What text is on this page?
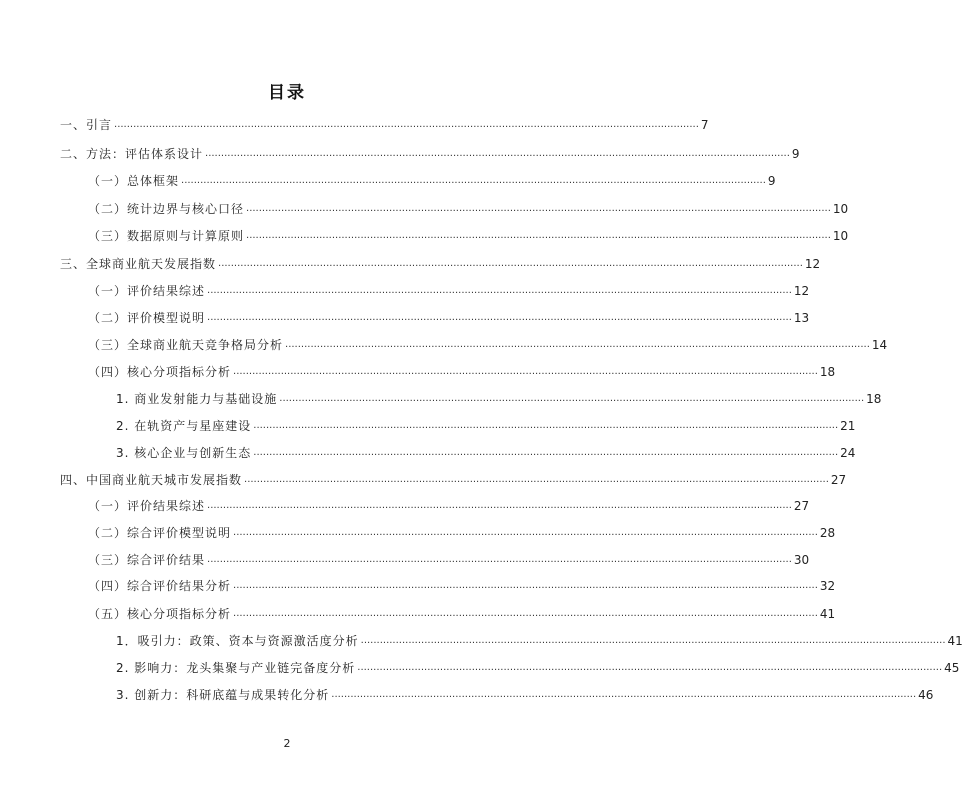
目录
一、引言 ........................................................................................................................................................................................ 7
二、方法：评估体系设计 ........................................................................................................................................................................................ 9
（一）总体框架 ........................................................................................................................................................................................ 9
（二）统计边界与核心口径 ........................................................................................................................................................................................ 10
（三）数据原则与计算原则 ........................................................................................................................................................................................ 10
三、全球商业航天发展指数 ........................................................................................................................................................................................ 12
（一）评价结果综述 ........................................................................................................................................................................................ 12
（二）评价模型说明 ........................................................................................................................................................................................ 13
（三）全球商业航天竞争格局分析 ........................................................................................................................................................................................ 14
（四）核心分项指标分析 ........................................................................................................................................................................................ 18
1. 商业发射能力与基础设施 ........................................................................................................................................................................................ 18
2. 在轨资产与星座建设 ........................................................................................................................................................................................ 21
3. 核心企业与创新生态 ........................................................................................................................................................................................ 24
四、中国商业航天城市发展指数 ........................................................................................................................................................................................ 27
（一）评价结果综述 ........................................................................................................................................................................................ 27
（二）综合评价模型说明 ........................................................................................................................................................................................ 28
（三）综合评价结果 ........................................................................................................................................................................................ 30
（四）综合评价结果分析 ........................................................................................................................................................................................ 32
（五）核心分项指标分析 ........................................................................................................................................................................................ 41
1．吸引力：政策、资本与资源激活度分析 ........................................................................................................................................................................................ 41
2. 影响力：龙头集聚与产业链完备度分析 ........................................................................................................................................................................................ 45
3. 创新力：科研底蕴与成果转化分析 ........................................................................................................................................................................................ 46
2
